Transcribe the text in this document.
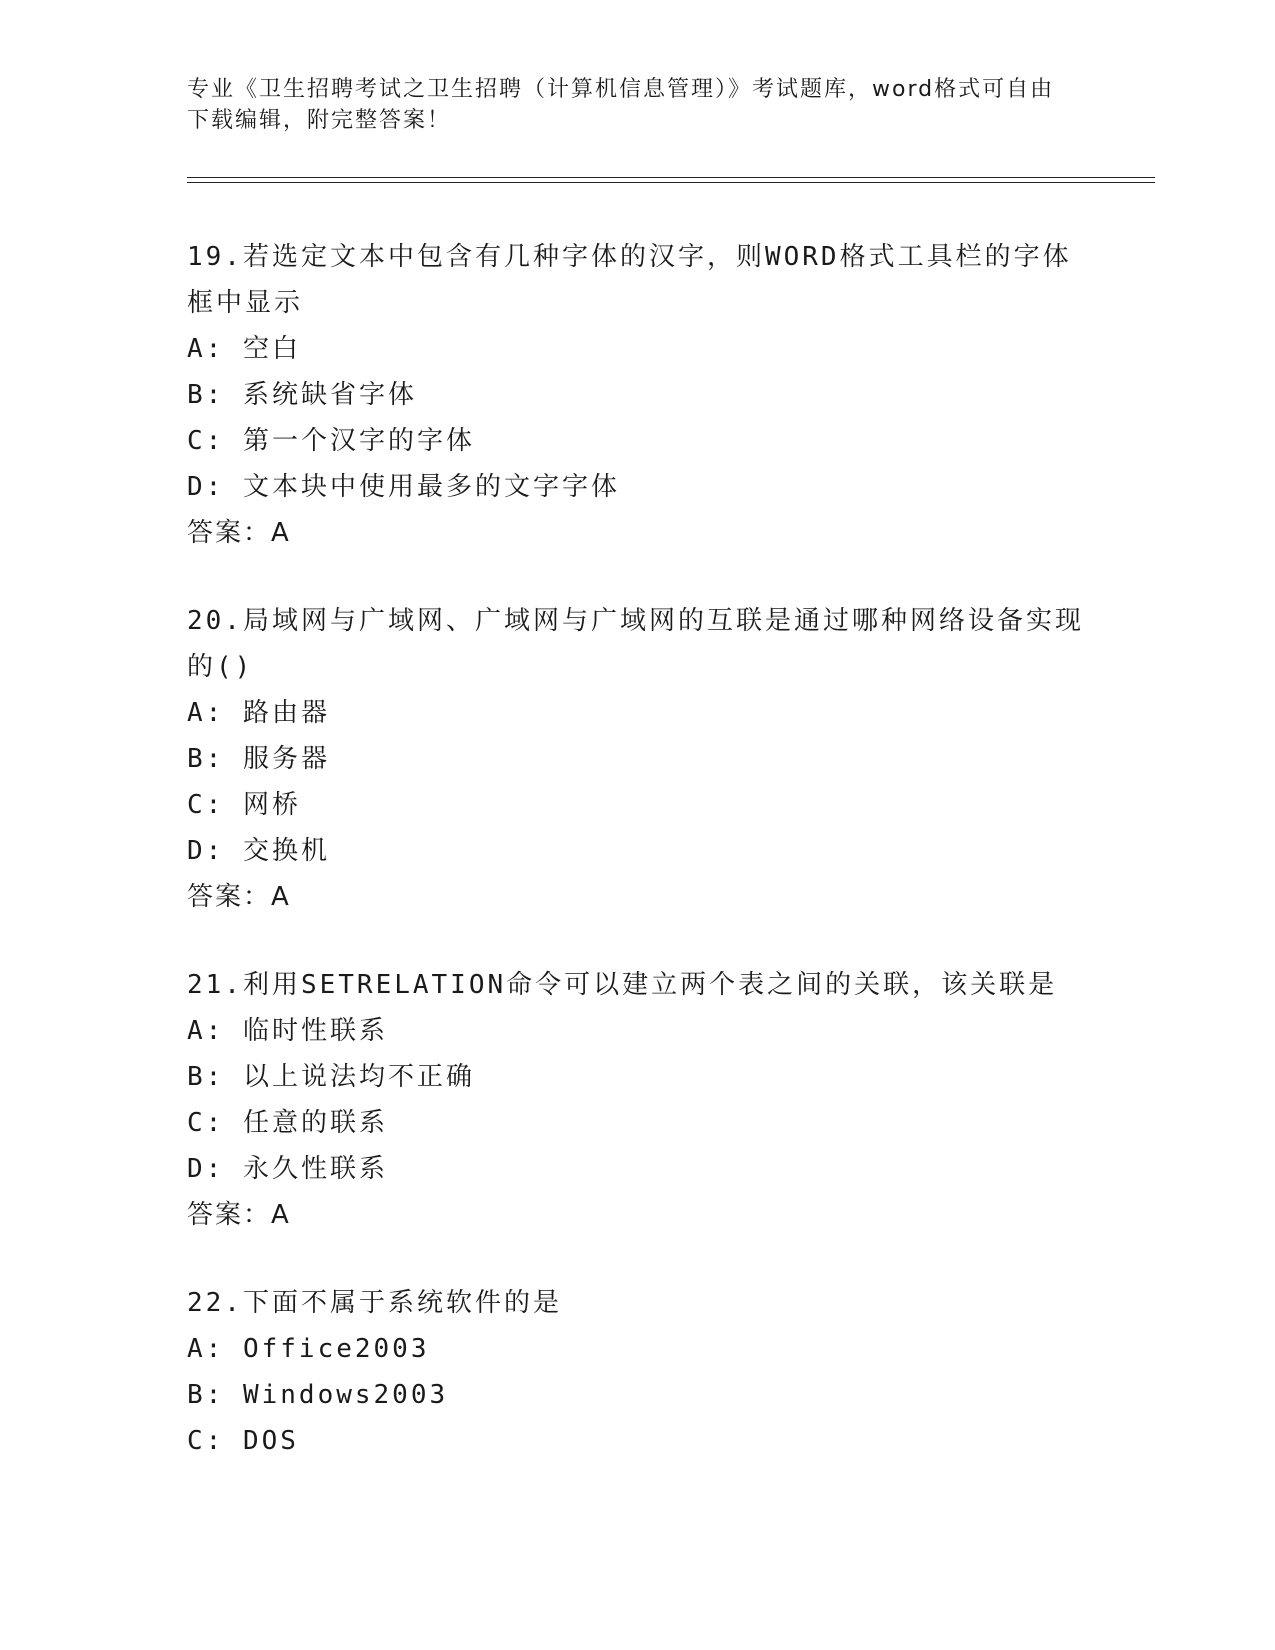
专业《卫生招聘考试之卫生招聘（计算机信息管理）》考试题库，word格式可自由下载编辑，附完整答案！

19.若选定文本中包含有几种字体的汉字，则WORD格式工具栏的字体框中显示

A: 空白

B: 系统缺省字体

C: 第一个汉字的字体

D: 文本块中使用最多的文字字体

答案：A

20.局域网与广域网、广域网与广域网的互联是通过哪种网络设备实现的()

A: 路由器

B: 服务器

C: 网桥

D: 交换机

答案：A

21.利用SETRELATION命令可以建立两个表之间的关联，该关联是

A: 临时性联系

B: 以上说法均不正确

C: 任意的联系

D: 永久性联系

答案：A

22.下面不属于系统软件的是

A: Office2003

B: Windows2003

C: DOS
